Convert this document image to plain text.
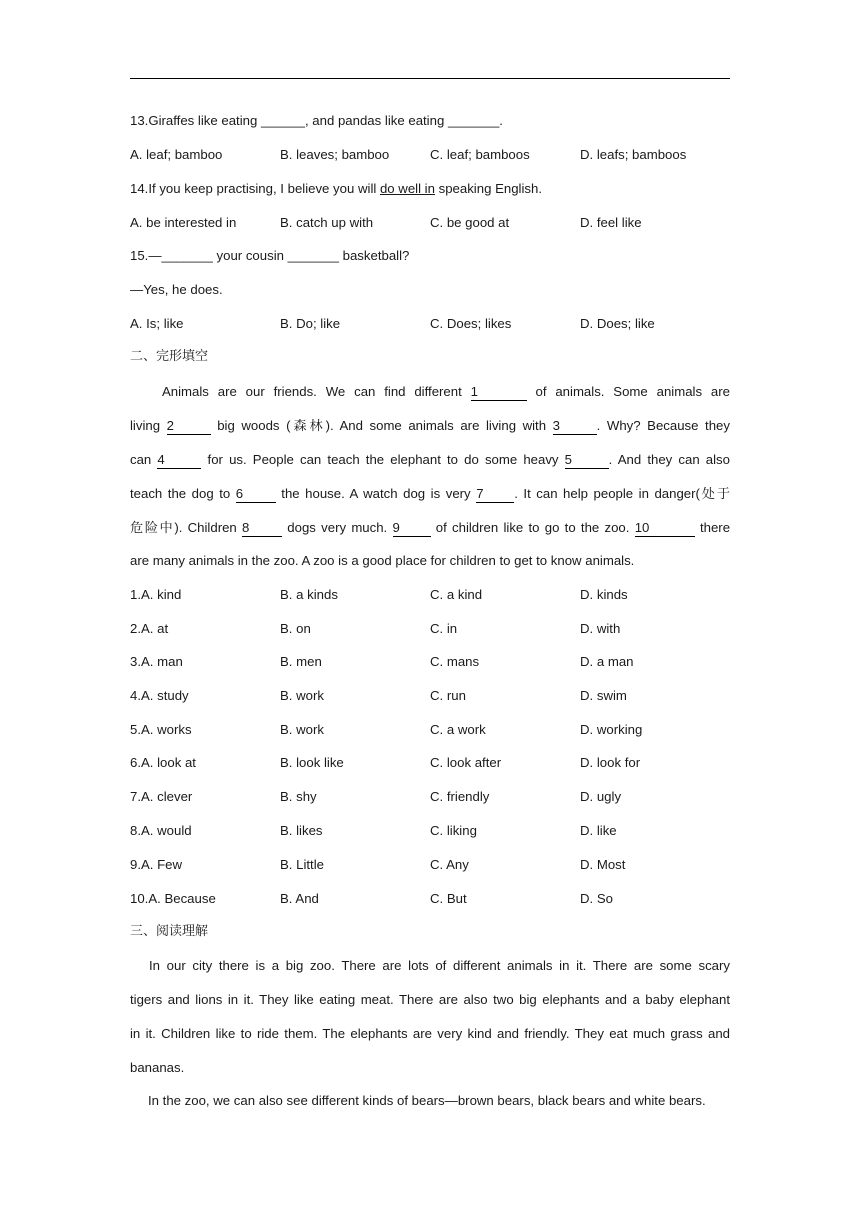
13.Giraffes like eating ______, and pandas like eating _______.
A. leaf; bamboo	B. leaves; bamboo	C. leaf; bamboos	D. leafs; bamboos
14.If you keep practising, I believe you will do well in speaking English.
A. be interested in	B. catch up with	C. be good at	D. feel like
15.—_______ your cousin _______ basketball?
—Yes, he does.
A. Is; like	B. Do; like	C. Does; likes	D. Does; like
二、完形填空
Animals are our friends. We can find different 1	of animals. Some animals are
living 2	big woods (森林). And some animals are living with 3	. Why? Because they
can 4	for us. People can teach the elephant to do some heavy 5	. And they can also
teach the dog to 6	the house. A watch dog is very 7 . It can help people in danger(处于
危险中). Children 8	dogs very much. 9	of children like to go to the zoo. 10	there
are many animals in the zoo. A zoo is a good place for children to get to know animals.
1.A. kind	B. a kinds	C. a kind	D. kinds
2.A. at	B. on	C. in	D. with
3.A. man	B. men	C. mans	D. a man
4.A. study	B. work	C. run	D. swim
5.A. works	B. work	C. a work	D. working
6.A. look at	B. look like	C. look after	D. look for
7.A. clever	B. shy	C. friendly	D. ugly
8.A. would	B. likes	C. liking	D. like
9.A. Few	B. Little	C. Any	D. Most
10.A. Because	B. And	C. But	D. So
三、阅读理解
In our city there is a big zoo. There are lots of different animals in it. There are some scary
tigers and lions in it. They like eating meat. There are also two big elephants and a baby elephant
in it. Children like to ride them. The elephants are very kind and friendly. They eat much grass and
bananas.
In the zoo, we can also see different kinds of bears—brown bears, black bears and white bears.
